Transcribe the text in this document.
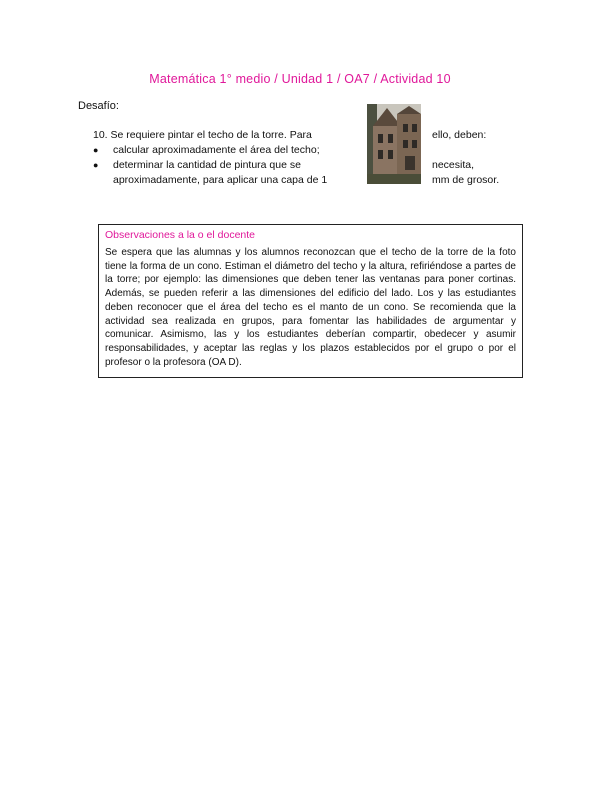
Matemática 1° medio / Unidad 1 / OA7 / Actividad 10
Desafío:
10. Se requiere pintar el techo de la torre. Para	ello, deben:
● calcular aproximadamente el área del techo;
● determinar la cantidad de pintura que se	necesita,
aproximadamente, para aplicar una capa de 1	mm de grosor.
Observaciones a la o el docente
Se espera que las alumnas y los alumnos reconozcan que el techo de la torre de la foto tiene la forma de un cono. Estiman el diámetro del techo y la altura, refiriéndose a partes de la torre; por ejemplo: las dimensiones que deben tener las ventanas para poner cortinas. Además, se pueden referir a las dimensiones del edificio del lado. Los y las estudiantes deben reconocer que el área del techo es el manto de un cono. Se recomienda que la actividad sea realizada en grupos, para fomentar las habilidades de argumentar y comunicar. Asimismo, las y los estudiantes deberían compartir, obedecer y asumir responsabilidades, y aceptar las reglas y los plazos establecidos por el grupo o por el profesor o la profesora (OA D).
